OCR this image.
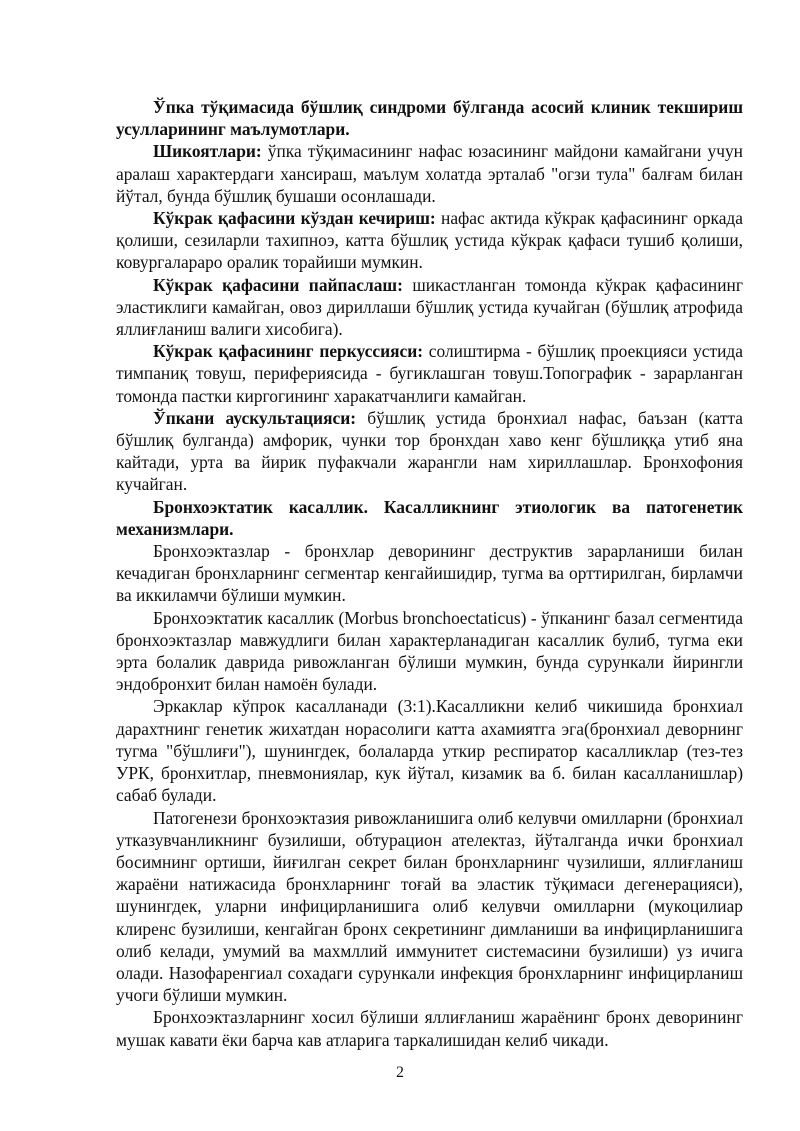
Ўпка тўқимасида бўшлиқ синдроми бўлганда асосий клиник текшириш усулларининг маълумотлари.

Шикоятлари: ўпка тўқимасининг нафас юзасининг майдони камайгани учун аралаш характердаги хансираш, маълум холатда эрталаб "огзи тула" балғам билан йўтал, бунда бўшлиқ бушаши осонлашади.

Кўкрак қафасини кўздан кечириш: нафас актида кўкрак қафасининг оркада қолиши, сезиларли тахипноэ, катта бўшлиқ устида кўкрак қафаси тушиб қолиши, ковургалараро оралик торайиши мумкин.

Кўкрак қафасини пайпаслаш: шикастланган томонда кўкрак қафасининг эластиклиги камайган, овоз дириллаши бўшлиқ устида кучайган (бўшлиқ атрофида яллиғланиш валиги хисобига).

Кўкрак қафасининг перкуссияси: солиштирма - бўшлиқ проекцияси устида тимпаниқ товуш, периферияcида - бугиклашган товуш.Топографик - зарарланган томонда пастки киргогининг харакатчанлиги камайган.

Ўпкани аускультацияси: бўшлиқ устида бронхиал нафас, баъзан (катта бўшлиқ булганда) амфорик, чунки тор бронхдан хаво кенг бўшлиққа утиб яна кайтади, урта ва йирик пуфакчали жарангли нам хириллашлар. Бронхофония кучайган.

Бронхоэктатик касаллик. Касалликнинг этиологик ва патогенетик механизмлари.

Бронхоэктазлар - бронхлар деворининг деструктив зарарланиши билан кечадиган бронхларнинг сегментар кенгайишидир, тугма ва орттирилган, бирламчи ва иккиламчи бўлиши мумкин.

Бронхоэктатик касаллик (Morbus bronchoectaticus) - ўпканинг базал сегментида бронхоэктазлар мавжудлиги билан характерланадиган касаллик булиб, тугма еки эрта болалик даврида ривожланган бўлиши мумкин, бунда сурункали йирингли эндобронхит билан намоён булади.

Эркаклар кўпрок касалланади (3:1).Касалликни келиб чикишида бронхиал дарахтнинг генетик жихатдан норасолиги катта ахамиятга эга(бронхиал деворнинг тугма "бўшлиғи"), шунингдек, болаларда уткир респиратор касалликлар (тез-тез УРК, бронхитлар, пневмониялар, кук йўтал, кизамик ва б. билан касалланишлар) сабаб булади.

Патогенези бронхоэктазия ривожланишига олиб келувчи омилларни (бронхиал утказувчанликнинг бузилиши, обтурацион ателектаз, йўталганда ички бронхиал босимнинг ортиши, йиғилган секрет билан бронхларнинг чузилиши, яллиғланиш жараёни натижасида бронхларнинг тоғай ва эластик тўқимаси дегенерацияси), шунингдек, уларни инфицирланишига олиб келувчи омилларни (мукоцилиар клиренс бузилиши, кенгайган бронх секретининг димланиши ва инфицирланишига олиб келади, умумий ва махмллий иммунитет системасини бузилиши) уз ичига олади. Назофаренгиал сохадаги сурункали инфекция бронхларнинг инфицирланиш учоги бўлиши мумкин.

Бронхоэктазларнинг хосил бўлиши яллиғланиш жараёнинг бронх деворининг мушак кавати ёки барча кав атларига таркалишидан келиб чикади.

2
